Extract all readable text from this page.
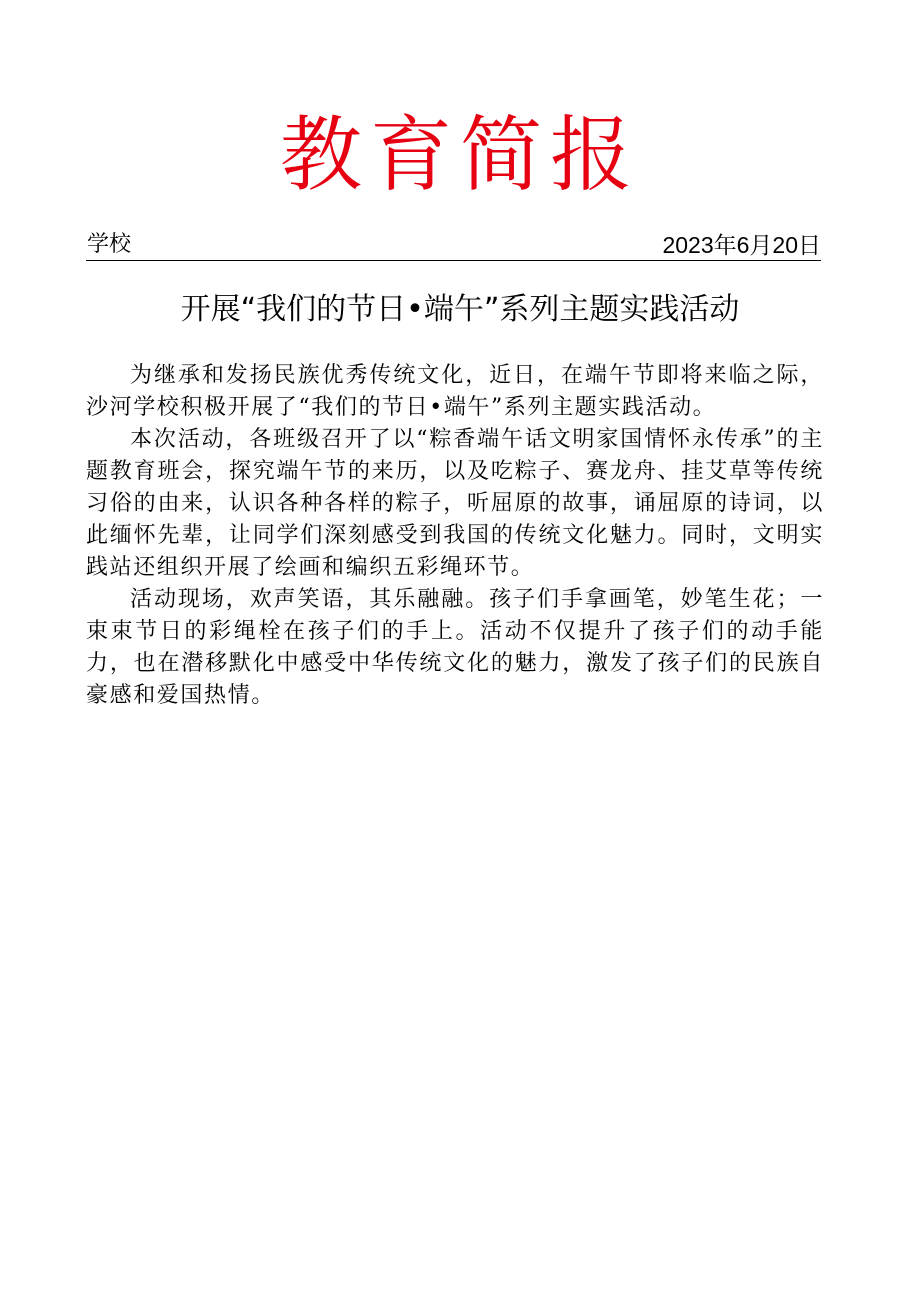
教育简报
学校	2023年6月20日
开展“我们的节日•端午”系列主题实践活动

为继承和发扬民族优秀传统文化，近日，在端午节即将来临之际，沙河学校积极开展了“我们的节日•端午”系列主题实践活动。

本次活动，各班级召开了以“粽香端午话文明家国情怀永传承”的主题教育班会，探究端午节的来历，以及吃粽子、赛龙舟、挂艾草等传统习俗的由来，认识各种各样的粽子，听屈原的故事，诵屈原的诗词，以此缅怀先辈，让同学们深刻感受到我国的传统文化魅力。同时，文明实践站还组织开展了绘画和编织五彩绳环节。

活动现场，欢声笑语，其乐融融。孩子们手拿画笔，妙笔生花；一束束节日的彩绳栓在孩子们的手上。活动不仅提升了孩子们的动手能力，也在潜移默化中感受中华传统文化的魅力，激发了孩子们的民族自豪感和爱国热情。
